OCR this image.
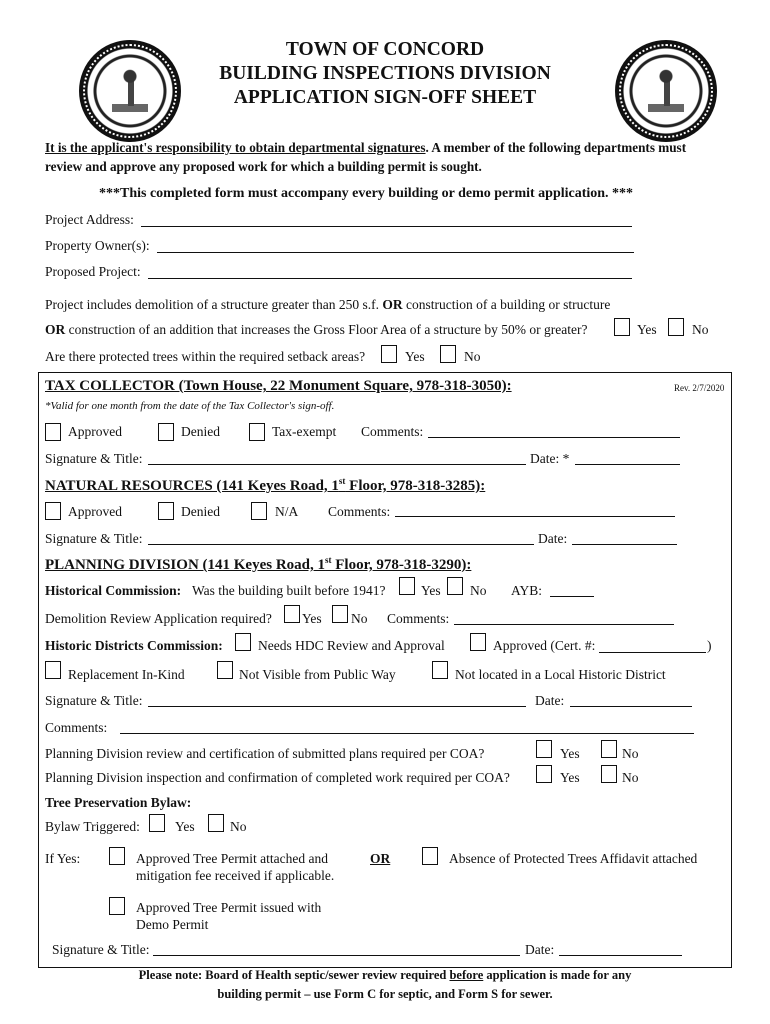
TOWN OF CONCORD
BUILDING INSPECTIONS DIVISION
APPLICATION SIGN-OFF SHEET
It is the applicant's responsibility to obtain departmental signatures. A member of the following departments must
review and approve any proposed work for which a building permit is sought.
***This completed form must accompany every building or demo permit application. ***
Project Address:
Property Owner(s):
Proposed Project:
Project includes demolition of a structure greater than 250 s.f. OR construction of a building or structure
OR construction of an addition that increases the Gross Floor Area of a structure by 50% or greater?	Yes	No
Are there protected trees within the required setback areas?	Yes	No
TAX COLLECTOR (Town House, 22 Monument Square, 978-318-3050):	Rev. 2/7/2020
*Valid for one month from the date of the Tax Collector's sign-off.
Approved	Denied	Tax-exempt Comments:
Signature & Title:	Date: *
NATURAL RESOURCES (141 Keyes Road, 1st Floor, 978-318-3285):
Approved	Denied	N/A Comments:
Signature & Title:	Date:
PLANNING DIVISION (141 Keyes Road, 1st Floor, 978-318-3290):
Historical Commission: Was the building built before 1941?	Yes No AYB:
Demolition Review Application required? Yes No Comments:
Historic Districts Commission:	Needs HDC Review and Approval	Approved (Cert. #:	)
Replacement In-Kind	Not Visible from Public Way	Not located in a Local Historic District
Signature & Title:	Date:
Comments:
Planning Division review and certification of submitted plans required per COA?	Yes	No
Planning Division inspection and confirmation of completed work required per COA?	Yes	No
Tree Preservation Bylaw:
Bylaw Triggered:	Yes	No
If Yes:	Approved Tree Permit attached and
mitigation fee received if applicable.
OR	Absence of Protected Trees Affidavit attached
Approved Tree Permit issued with
Demo Permit
Signature & Title:	Date:
Please note: Board of Health septic/sewer review required before application is made for any
building permit – use Form C for septic, and Form S for sewer.
